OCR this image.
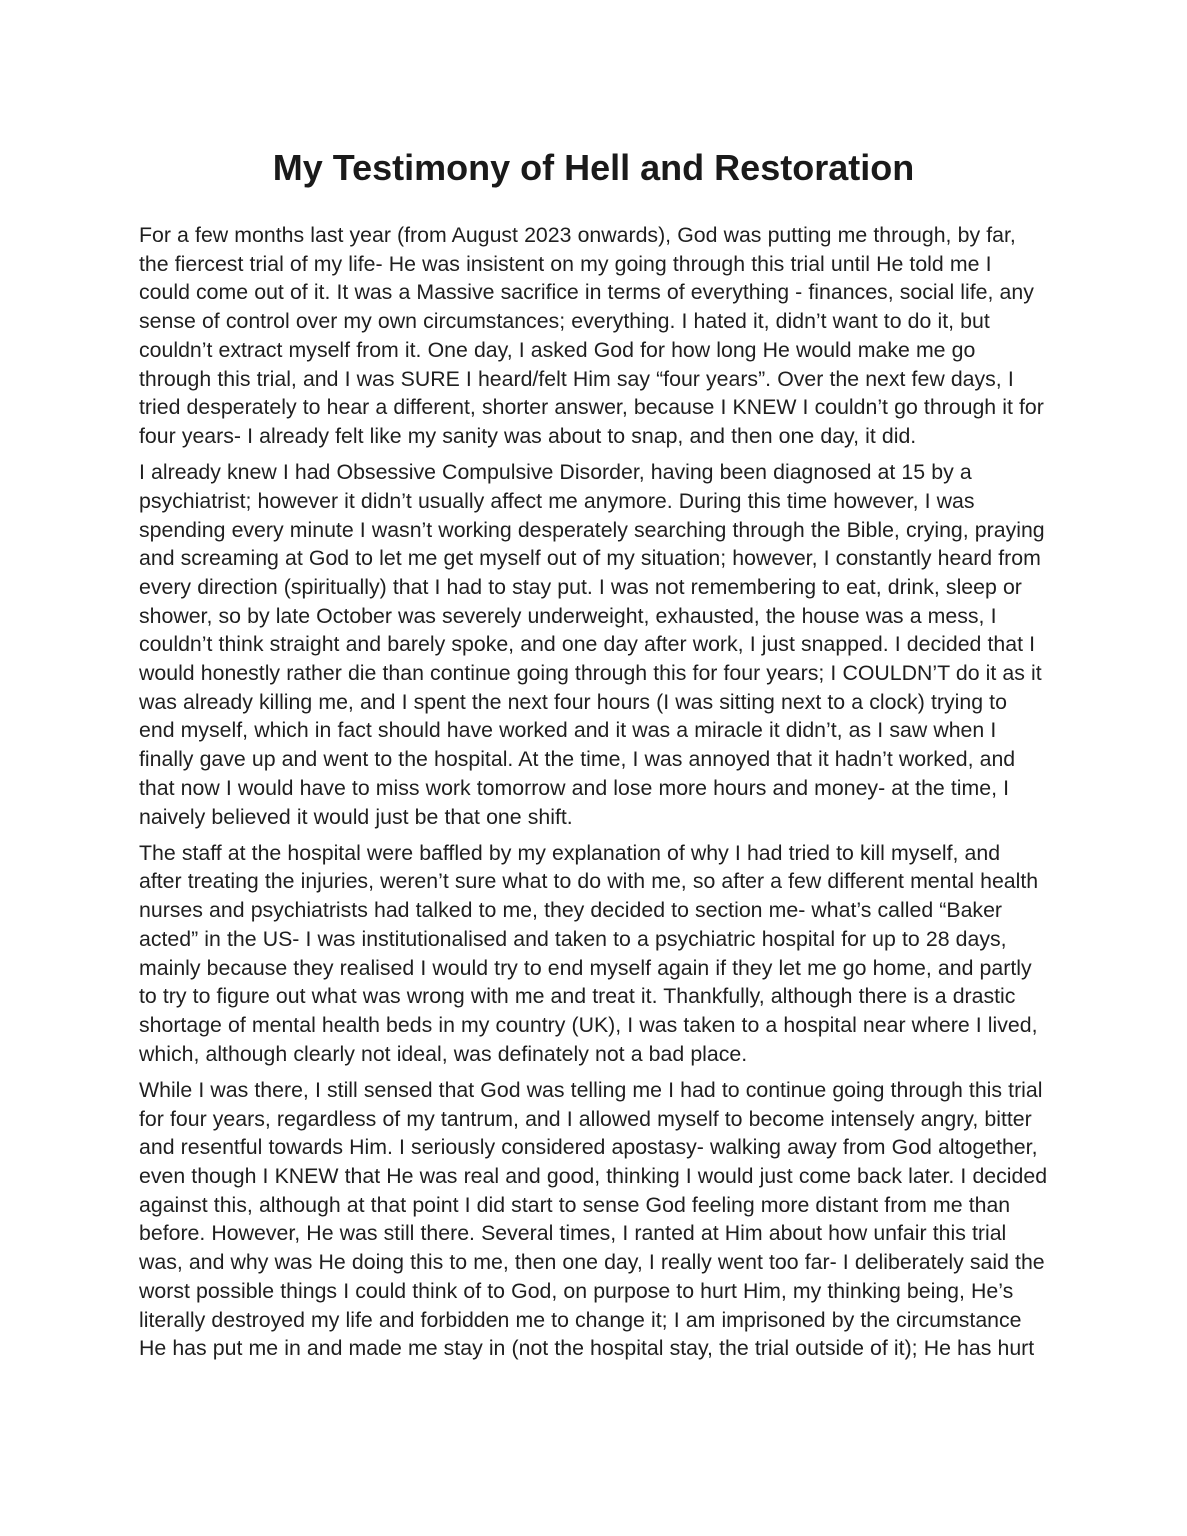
My Testimony of Hell and Restoration

For a few months last year (from August 2023 onwards), God was putting me through, by far, the fiercest trial of my life- He was insistent on my going through this trial until He told me I could come out of it. It was a Massive sacrifice in terms of everything - finances, social life, any sense of control over my own circumstances; everything. I hated it, didn’t want to do it, but couldn’t extract myself from it. One day, I asked God for how long He would make me go through this trial, and I was SURE I heard/felt Him say “four years”. Over the next few days, I tried desperately to hear a different, shorter answer, because I KNEW I couldn’t go through it for four years- I already felt like my sanity was about to snap, and then one day, it did.

I already knew I had Obsessive Compulsive Disorder, having been diagnosed at 15 by a psychiatrist; however it didn’t usually affect me anymore. During this time however, I was spending every minute I wasn’t working desperately searching through the Bible, crying, praying and screaming at God to let me get myself out of my situation; however, I constantly heard from every direction (spiritually) that I had to stay put. I was not remembering to eat, drink, sleep or shower, so by late October was severely underweight, exhausted, the house was a mess, I couldn’t think straight and barely spoke, and one day after work, I just snapped. I decided that I would honestly rather die than continue going through this for four years; I COULDN’T do it as it was already killing me, and I spent the next four hours (I was sitting next to a clock) trying to end myself, which in fact should have worked and it was a miracle it didn’t, as I saw when I finally gave up and went to the hospital. At the time, I was annoyed that it hadn’t worked, and that now I would have to miss work tomorrow and lose more hours and money- at the time, I naively believed it would just be that one shift.

The staff at the hospital were baffled by my explanation of why I had tried to kill myself, and after treating the injuries, weren’t sure what to do with me, so after a few different mental health nurses and psychiatrists had talked to me, they decided to section me- what’s called “Baker acted” in the US- I was institutionalised and taken to a psychiatric hospital for up to 28 days, mainly because they realised I would try to end myself again if they let me go home, and partly to try to figure out what was wrong with me and treat it. Thankfully, although there is a drastic shortage of mental health beds in my country (UK), I was taken to a hospital near where I lived, which, although clearly not ideal, was definately not a bad place.

While I was there, I still sensed that God was telling me I had to continue going through this trial for four years, regardless of my tantrum, and I allowed myself to become intensely angry, bitter and resentful towards Him. I seriously considered apostasy- walking away from God altogether, even though I KNEW that He was real and good, thinking I would just come back later. I decided against this, although at that point I did start to sense God feeling more distant from me than before. However, He was still there. Several times, I ranted at Him about how unfair this trial was, and why was He doing this to me, then one day, I really went too far- I deliberately said the worst possible things I could think of to God, on purpose to hurt Him, my thinking being, He’s literally destroyed my life and forbidden me to change it; I am imprisoned by the circumstance He has put me in and made me stay in (not the hospital stay, the trial outside of it); He has hurt
